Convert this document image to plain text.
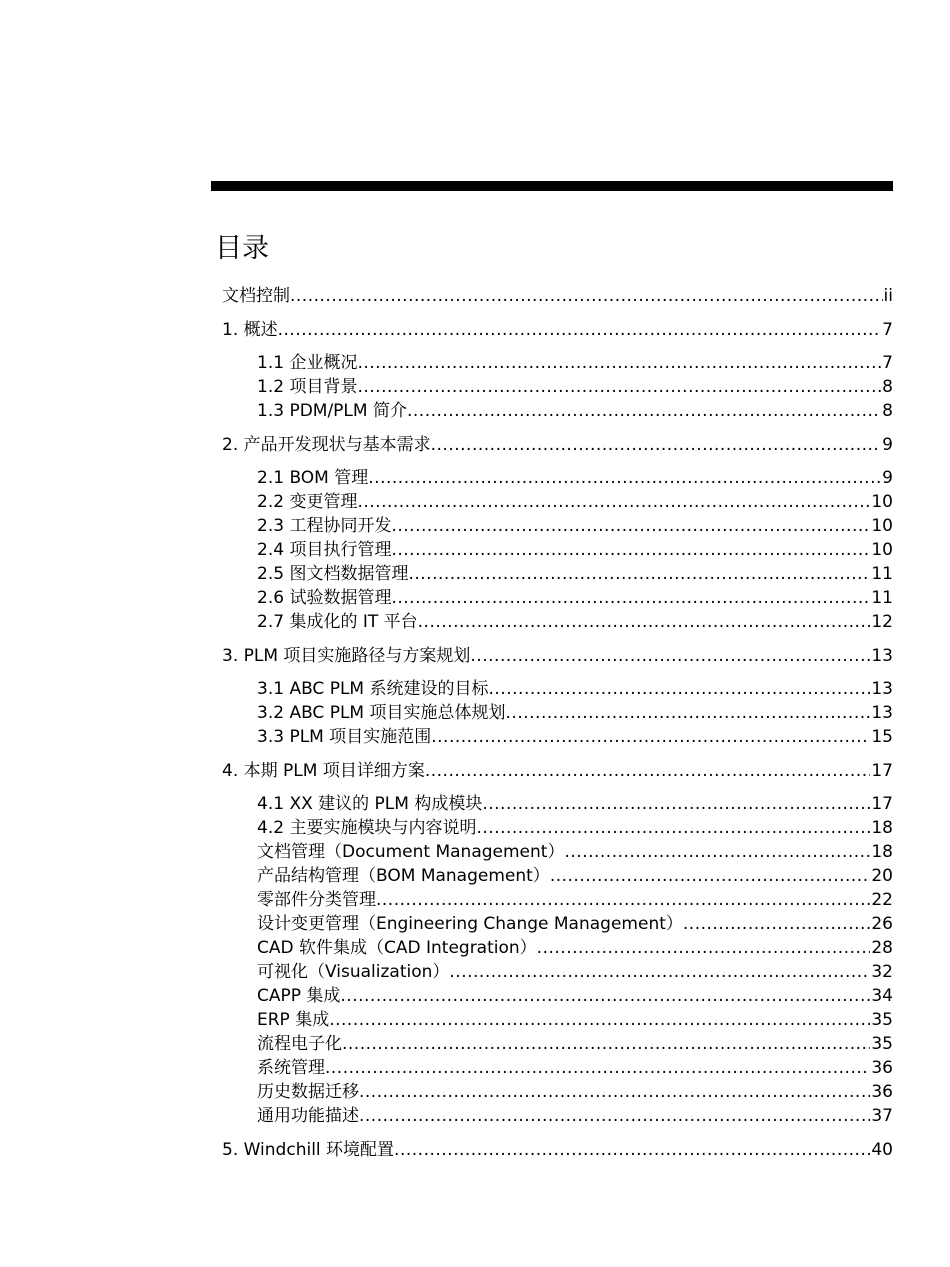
目录
文档控制 .....	ii
1. 概述 .....	7
1.1 企业概况 .....	7
1.2 项目背景 .....	8
1.3 PDM/PLM 简介 .....	8
2. 产品开发现状与基本需求 .....	9
2.1 BOM 管理 .....	9
2.2 变更管理 .....	10
2.3 工程协同开发 .....	10
2.4 项目执行管理 .....	10
2.5 图文档数据管理 .....	11
2.6 试验数据管理 .....	11
2.7 集成化的 IT 平台 .....	12
3. PLM 项目实施路径与方案规划 .....	13
3.1 ABC PLM 系统建设的目标 .....	13
3.2 ABC PLM 项目实施总体规划 .....	13
3.3 PLM 项目实施范围 .....	15
4. 本期 PLM 项目详细方案 .....	17
4.1 XX 建议的 PLM 构成模块 .....	17
4.2 主要实施模块与内容说明 .....	18
文档管理（Document Management） .....	18
产品结构管理（BOM Management） .....	20
零部件分类管理 .....	22
设计变更管理（Engineering Change Management） .....	26
CAD 软件集成（CAD Integration） .....	28
可视化（Visualization） .....	32
CAPP 集成 .....	34
ERP 集成 .....	35
流程电子化 .....	35
系统管理 .....	36
历史数据迁移 .....	36
通用功能描述 .....	37
5. Windchill 环境配置 .....	40
